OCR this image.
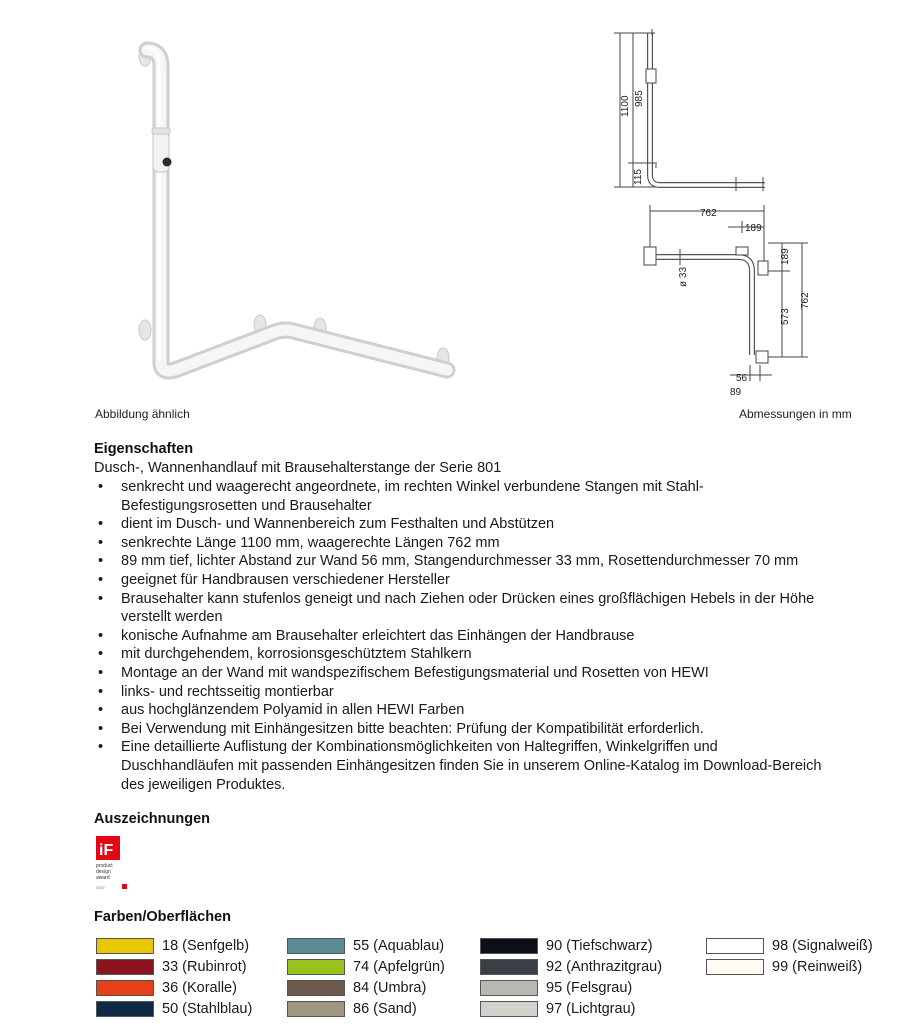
Abbildung ähnlich
1100 985
115
762
189
ø 33
189
573
762
56
89
Abmessungen in mm
Eigenschaften
Dusch-, Wannenhandlauf mit Brausehalterstange der Serie 801
• senkrecht und waagerecht angeordnete, im rechten Winkel verbundene Stangen mit Stahl-
Befestigungsrosetten und Brausehalter
• dient im Dusch- und Wannenbereich zum Festhalten und Abstützen
• senkrechte Länge 1100 mm, waagerechte Längen 762 mm
• 89 mm tief, lichter Abstand zur Wand 56 mm, Stangendurchmesser 33 mm, Rosettendurchmesser 70 mm
• geeignet für Handbrausen verschiedener Hersteller
• Brausehalter kann stufenlos geneigt und nach Ziehen oder Drücken eines großflächigen Hebels in der Höhe
verstellt werden
• konische Aufnahme am Brausehalter erleichtert das Einhängen der Handbrause
• mit durchgehendem, korrosionsgeschütztem Stahlkern
• Montage an der Wand mit wandspezifischem Befestigungsmaterial und Rosetten von HEWI
• links- und rechtsseitig montierbar
• aus hochglänzendem Polyamid in allen HEWI Farben
• Bei Verwendung mit Einhängesitzen bitte beachten: Prüfung der Kompatibilität erforderlich.
• Eine detaillierte Auflistung der Kombinationsmöglichkeiten von Haltegriffen, Winkelgriffen und
Duschhandläufen mit passenden Einhängesitzen finden Sie in unserem Online-Katalog im Download-Bereich
des jeweiligen Produktes.
Auszeichnungen
iF
product
design
award
2007
Farben/Oberflächen
18 (Senfgelb)
33 (Rubinrot)
36 (Koralle)
50 (Stahlblau)
55 (Aquablau)
74 (Apfelgrün)
84 (Umbra)
86 (Sand)
90 (Tiefschwarz)
92 (Anthrazitgrau)
95 (Felsgrau)
97 (Lichtgrau)
98 (Signalweiß)
99 (Reinweiß)
